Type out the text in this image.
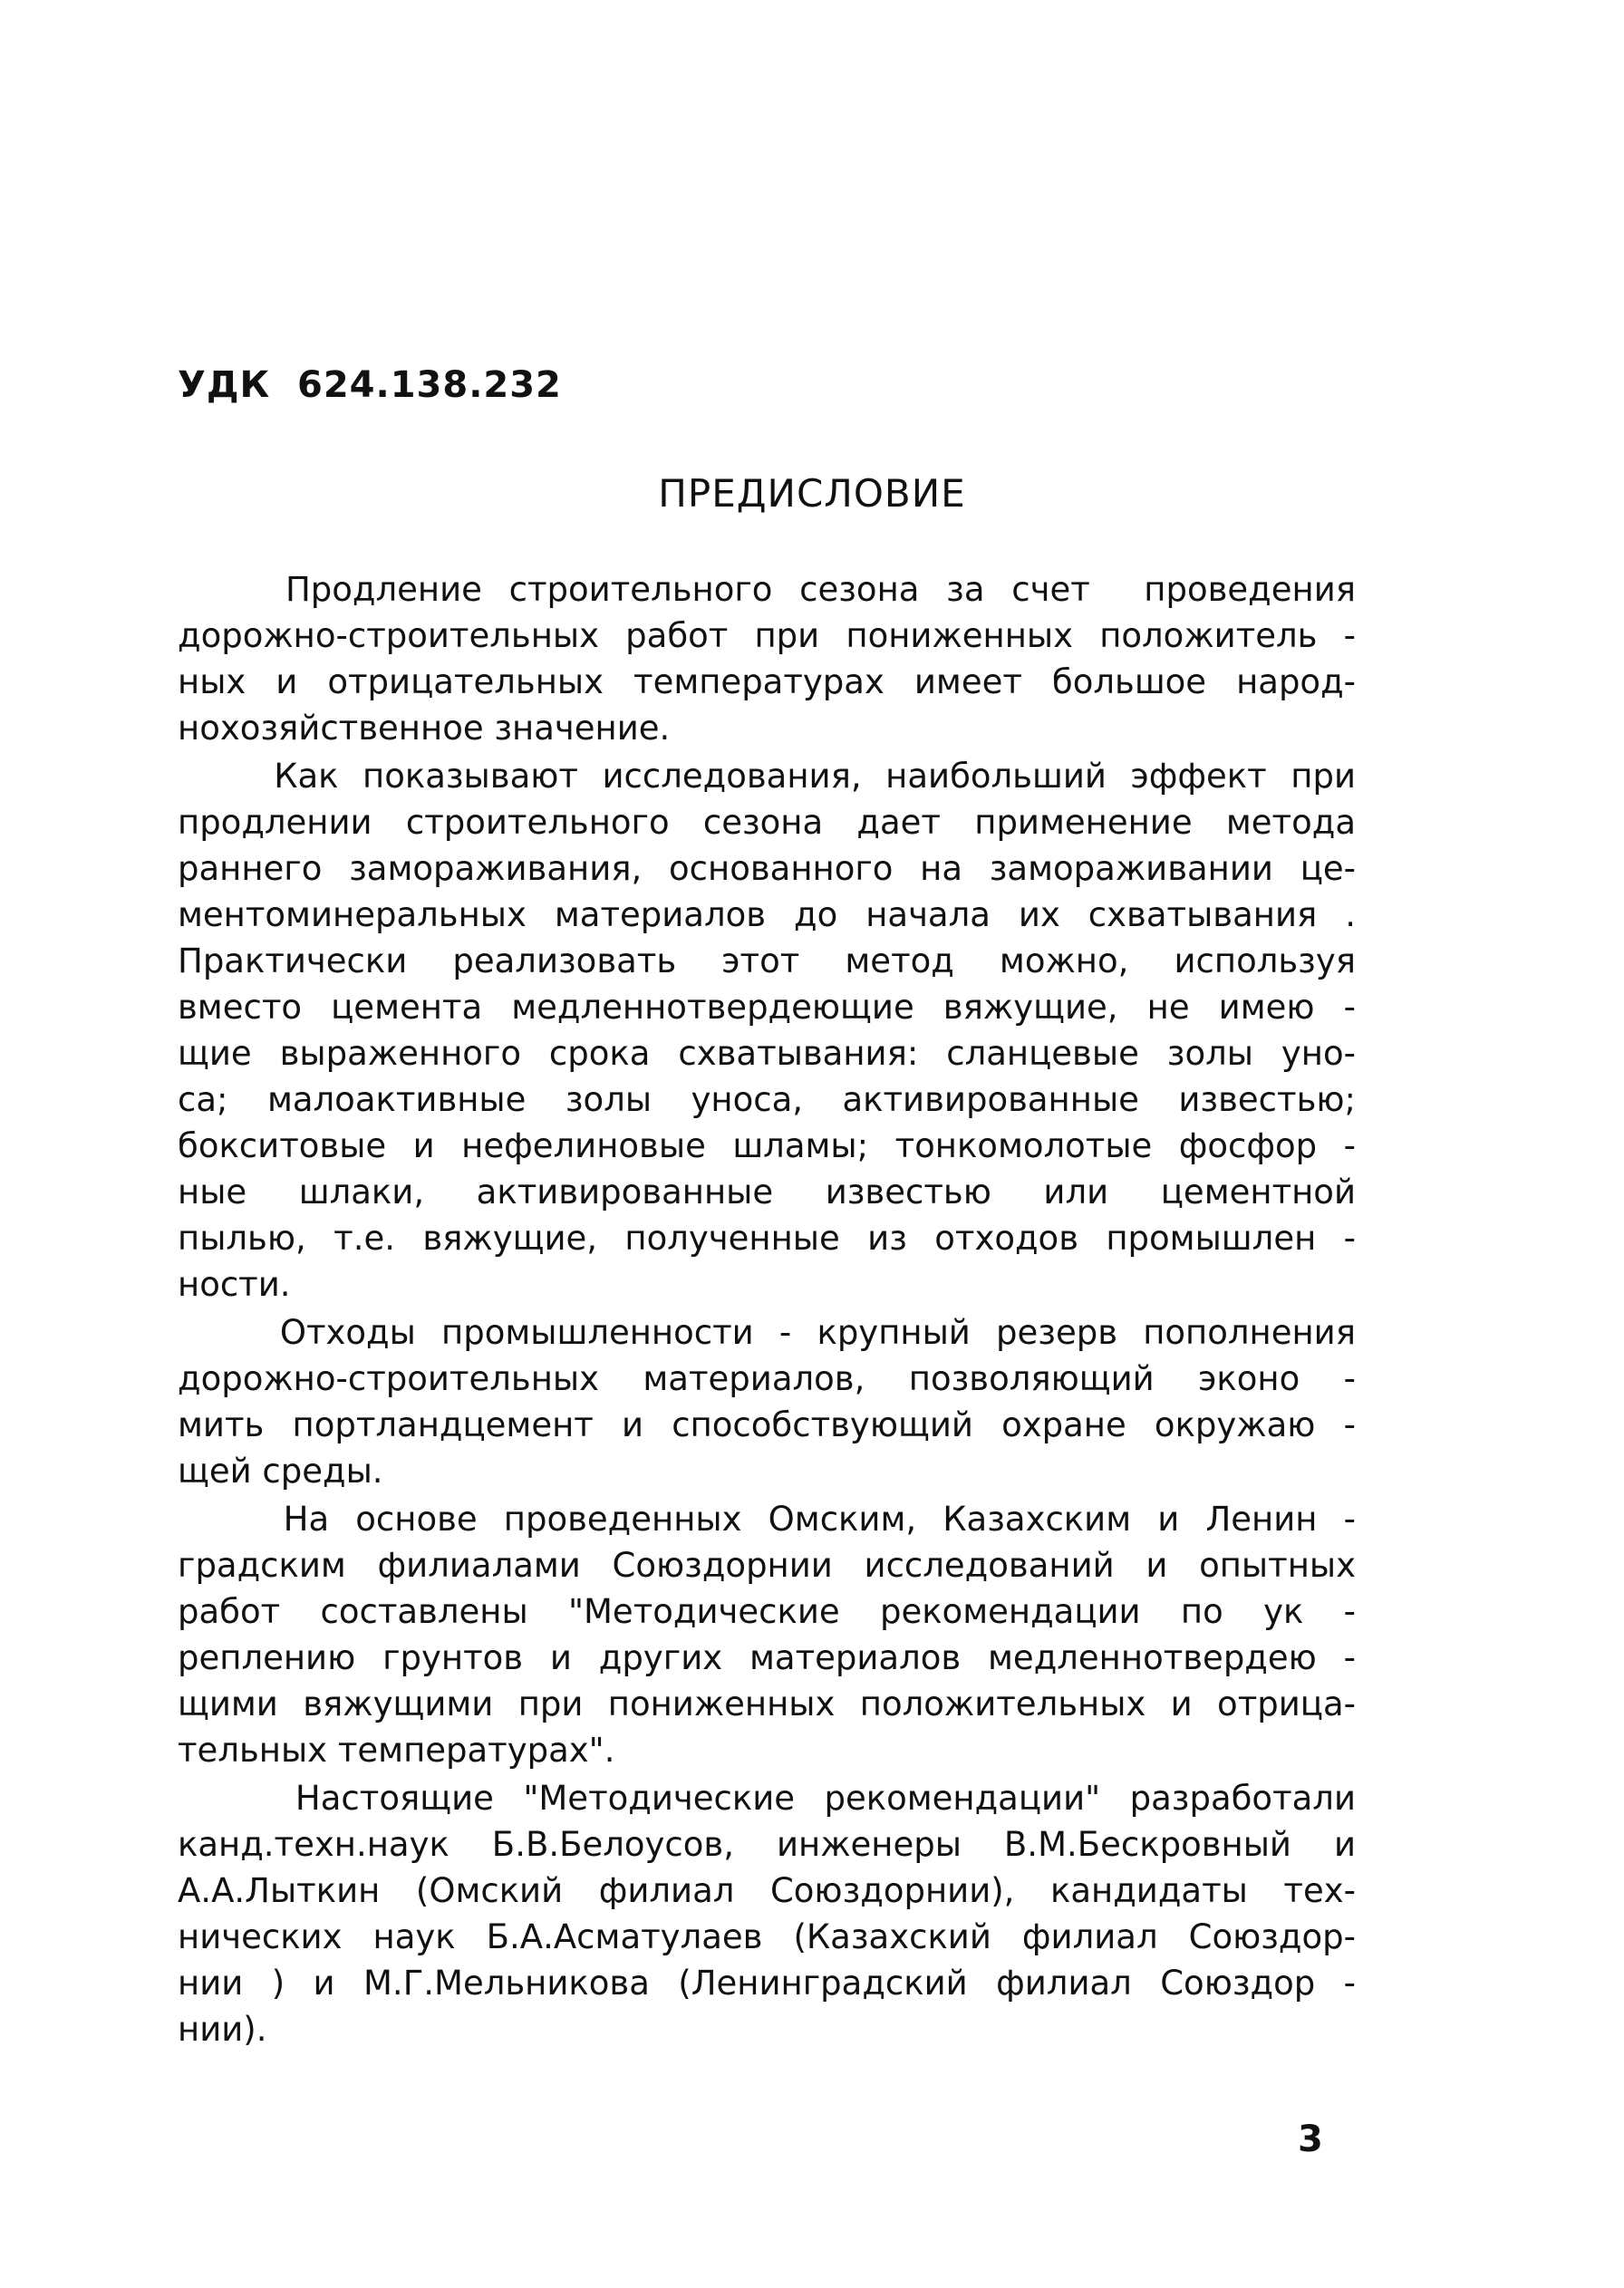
УДК  624.138.232
ПРЕДИСЛОВИЕ
Продление строительного сезона за счет  проведения
дорожно-строительных работ при пониженных положитель -
ных и отрицательных температурах имеет большое народ-
нохозяйственное значение.
Как показывают исследования, наибольший эффект при
продлении строительного сезона дает применение метода
раннего замораживания, основанного на замораживании це-
ментоминеральных материалов до начала их схватывания .
Практически реализовать этот метод можно, используя
вместо цемента медленнотвердеющие вяжущие, не имею -
щие выраженного срока схватывания: сланцевые золы уно-
са; малоактивные золы уноса, активированные известью;
бокситовые и нефелиновые шламы; тонкомолотые фосфор -
ные шлаки, активированные известью или цементной
пылью, т.е. вяжущие, полученные из отходов промышлен -
ности.
Отходы промышленности - крупный резерв пополнения
дорожно-строительных материалов, позволяющий эконо -
мить портландцемент и способствующий охране окружаю -
щей среды.
На основе проведенных Омским, Казахским и Ленин -
градским филиалами Союздорнии исследований и опытных
работ составлены "Методические рекомендации по ук -
реплению грунтов и других материалов медленнотвердею -
щими вяжущими при пониженных положительных и отрица-
тельных температурах".
Настоящие "Методические рекомендации" разработали
канд.техн.наук Б.В.Белоусов, инженеры В.М.Бескровный и
А.А.Лыткин (Омский филиал Союздорнии), кандидаты тех-
нических наук Б.А.Асматулаев (Казахский филиал Союздор-
нии ) и М.Г.Мельникова (Ленинградский филиал Союздор -
нии).
3
